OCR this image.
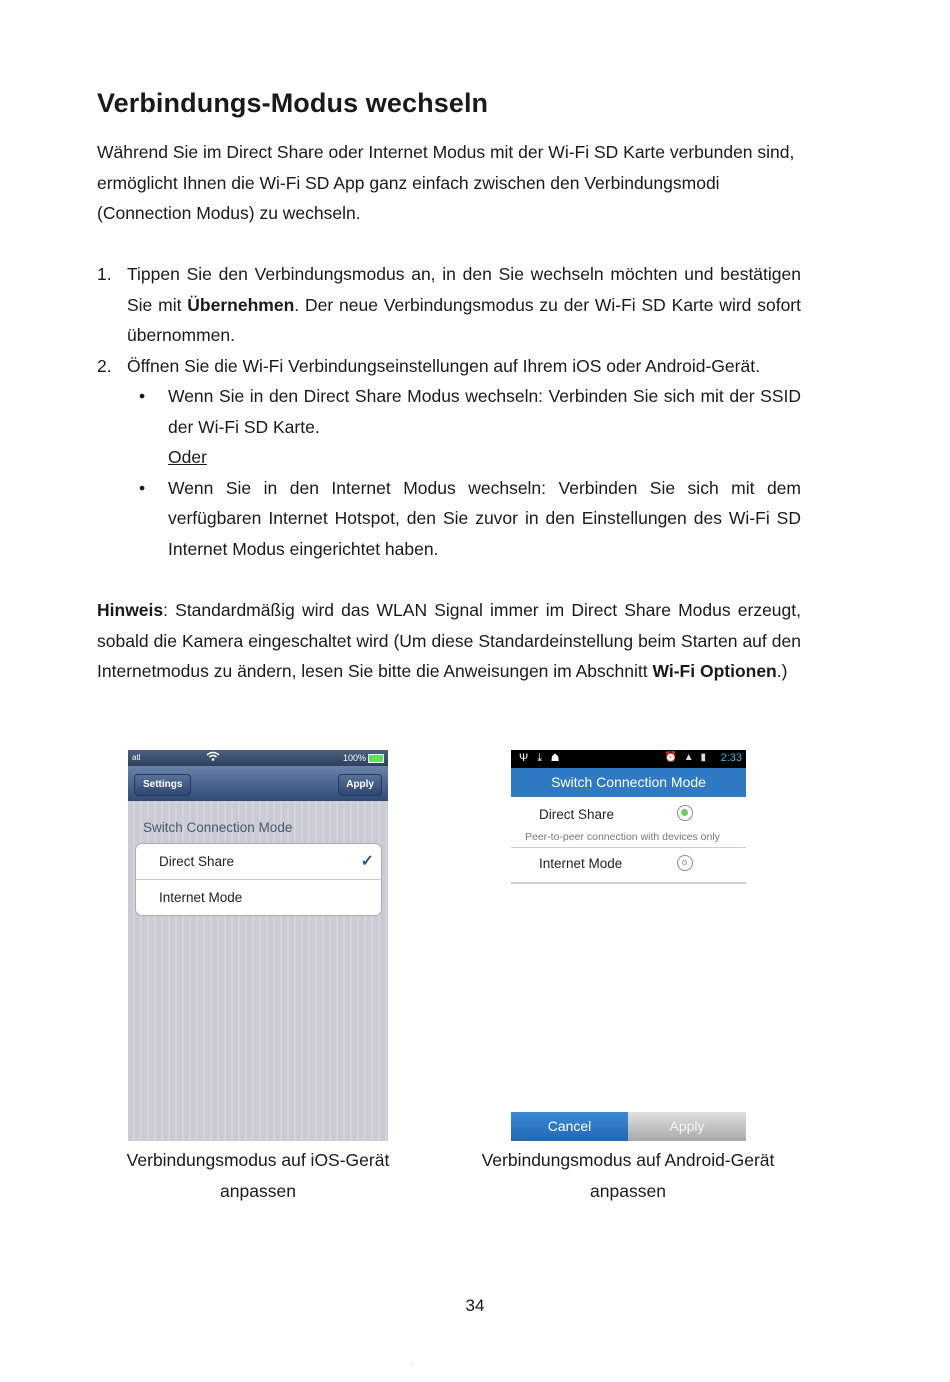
Verbindungs-Modus wechseln

Während Sie im Direct Share oder Internet Modus mit der Wi-Fi SD Karte verbunden sind, ermöglicht Ihnen die Wi-Fi SD App ganz einfach zwischen den Verbindungsmodi (Connection Modus) zu wechseln.

1. Tippen Sie den Verbindungsmodus an, in den Sie wechseln möchten und bestätigen Sie mit Übernehmen. Der neue Verbindungsmodus zu der Wi-Fi SD Karte wird sofort übernommen.
2. Öffnen Sie die Wi-Fi Verbindungseinstellungen auf Ihrem iOS oder Android-Gerät.
• Wenn Sie in den Direct Share Modus wechseln: Verbinden Sie sich mit der SSID der Wi-Fi SD Karte.
Oder
• Wenn Sie in den Internet Modus wechseln: Verbinden Sie sich mit dem verfügbaren Internet Hotspot, den Sie zuvor in den Einstellungen des Wi-Fi SD Internet Modus eingerichtet haben.

Hinweis: Standardmäßig wird das WLAN Signal immer im Direct Share Modus erzeugt, sobald die Kamera eingeschaltet wird (Um diese Standardeinstellung beim Starten auf den Internetmodus zu ändern, lesen Sie bitte die Anweisungen im Abschnitt Wi-Fi Optionen.)

atl	100%
Settings	Apply
Switch Connection Mode
Direct Share	✓
Internet Mode
Ψ ⤓ ☗	⏰ ▲ ▮ 2:33
Switch Connection Mode
Direct Share
Peer-to-peer connection with devices only
Internet Mode
Cancel	Apply

Verbindungsmodus auf iOS-Gerät anpassen

Verbindungsmodus auf Android-Gerät anpassen

34
:
